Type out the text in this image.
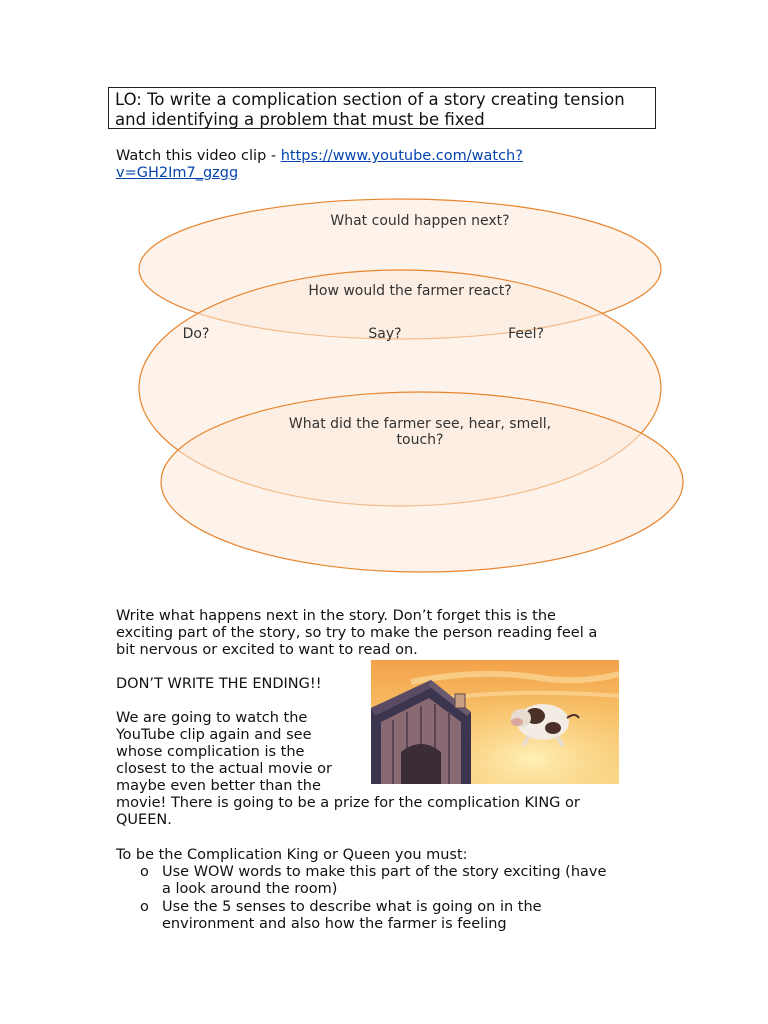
LO: To write a complication section of a story creating tension and identifying a problem that must be fixed
Watch this video clip - https://www.youtube.com/watch?
v=GH2Im7_gzgg
What could happen next?
How would the farmer react?
Do?	Say?	Feel?
What did the farmer see, hear, smell,
touch?
Write what happens next in the story. Don’t forget this is the
exciting part of the story, so try to make the person reading feel a
bit nervous or excited to want to read on.
DON’T WRITE THE ENDING!!
We are going to watch the
YouTube clip again and see
whose complication is the
closest to the actual movie or
maybe even better than the
movie! There is going to be a prize for the complication KING or
QUEEN.
To be the Complication King or Queen you must:
o Use WOW words to make this part of the story exciting (have
a look around the room)
o Use the 5 senses to describe what is going on in the
environment and also how the farmer is feeling
